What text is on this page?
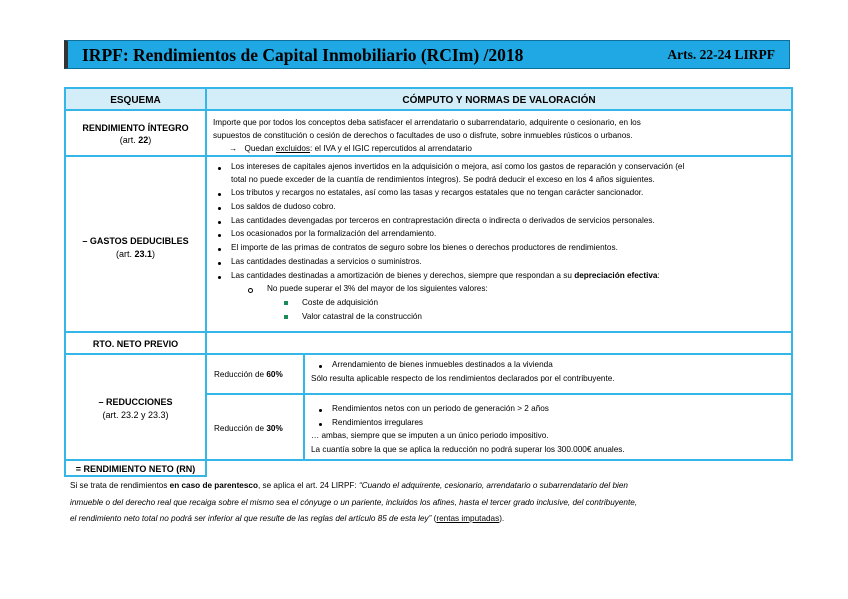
IRPF: Rendimientos de Capital Inmobiliario (RCIm) /2018	Arts. 22-24 LIRPF
ESQUEMA	CÓMPUTO Y NORMAS DE VALORACIÓN
RENDIMIENTO ÍNTEGRO
(art. 22)
Importe que por todos los conceptos deba satisfacer el arrendatario o subarrendatario, adquirente o cesionario, en los
supuestos de constitución o cesión de derechos o facultades de uso o disfrute, sobre inmuebles rústicos o urbanos.
→ Quedan excluidos: el IVA y el IGIC repercutidos al arrendatario
– GASTOS DEDUCIBLES
(art. 23.1)
Los intereses de capitales ajenos invertidos en la adquisición o mejora, así como los gastos de reparación y conservación (el
total no puede exceder de la cuantía de rendimientos íntegros). Se podrá deducir el exceso en los 4 años siguientes.
Los tributos y recargos no estatales, así como las tasas y recargos estatales que no tengan carácter sancionador.
Los saldos de dudoso cobro.
Las cantidades devengadas por terceros en contraprestación directa o indirecta o derivados de servicios personales.
Los ocasionados por la formalización del arrendamiento.
El importe de las primas de contratos de seguro sobre los bienes o derechos productores de rendimientos.
Las cantidades destinadas a servicios o suministros.
Las cantidades destinadas a amortización de bienes y derechos, siempre que respondan a su depreciación efectiva:
No puede superar el 3% del mayor de los siguientes valores:
Coste de adquisición
Valor catastral de la construcción
RTO. NETO PREVIO
– REDUCCIONES
(art. 23.2 y 23.3)
Reducción de 60%
Arrendamiento de bienes inmuebles destinados a la vivienda
Sólo resulta aplicable respecto de los rendimientos declarados por el contribuyente.
Reducción de 30%
Rendimientos netos con un periodo de generación > 2 años
Rendimientos irregulares
… ambas, siempre que se imputen a un único periodo impositivo.
La cuantía sobre la que se aplica la reducción no podrá superar los 300.000€ anuales.
= RENDIMIENTO NETO (RN)
Si se trata de rendimientos en caso de parentesco, se aplica el art. 24 LIRPF: “Cuando el adquirente, cesionario, arrendatario o subarrendatario del bien
inmueble o del derecho real que recaiga sobre el mismo sea el cónyuge o un pariente, incluidos los afines, hasta el tercer grado inclusive, del contribuyente,
el rendimiento neto total no podrá ser inferior al que resulte de las reglas del artículo 85 de esta ley” (rentas imputadas).
